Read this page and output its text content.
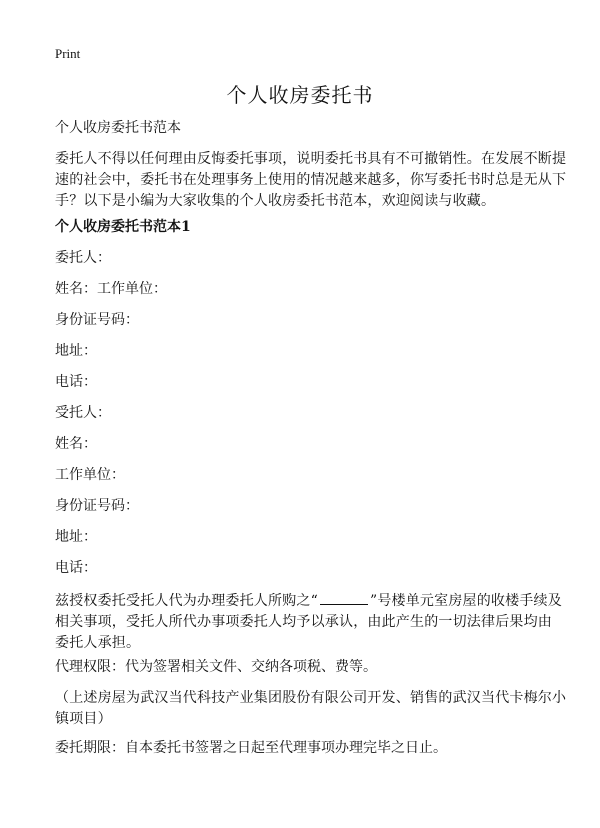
Print
个人收房委托书
个人收房委托书范本
委托人不得以任何理由反悔委托事项，说明委托书具有不可撤销性。在发展不断提
速的社会中，委托书在处理事务上使用的情况越来越多，你写委托书时总是无从下
手？以下是小编为大家收集的个人收房委托书范本，欢迎阅读与收藏。
个人收房委托书范本1
委托人：
姓名：工作单位：
身份证号码：
地址：
电话：
受托人：
姓名：
工作单位：
身份证号码：
地址：
电话：
兹授权委托受托人代为办理委托人所购之“	”号楼单元室房屋的收楼手续及
相关事项，受托人所代办事项委托人均予以承认，由此产生的一切法律后果均由
委托人承担。
代理权限：代为签署相关文件、交纳各项税、费等。
（上述房屋为武汉当代科技产业集团股份有限公司开发、销售的武汉当代卡梅尔小
镇项目）
委托期限：自本委托书签署之日起至代理事项办理完毕之日止。
